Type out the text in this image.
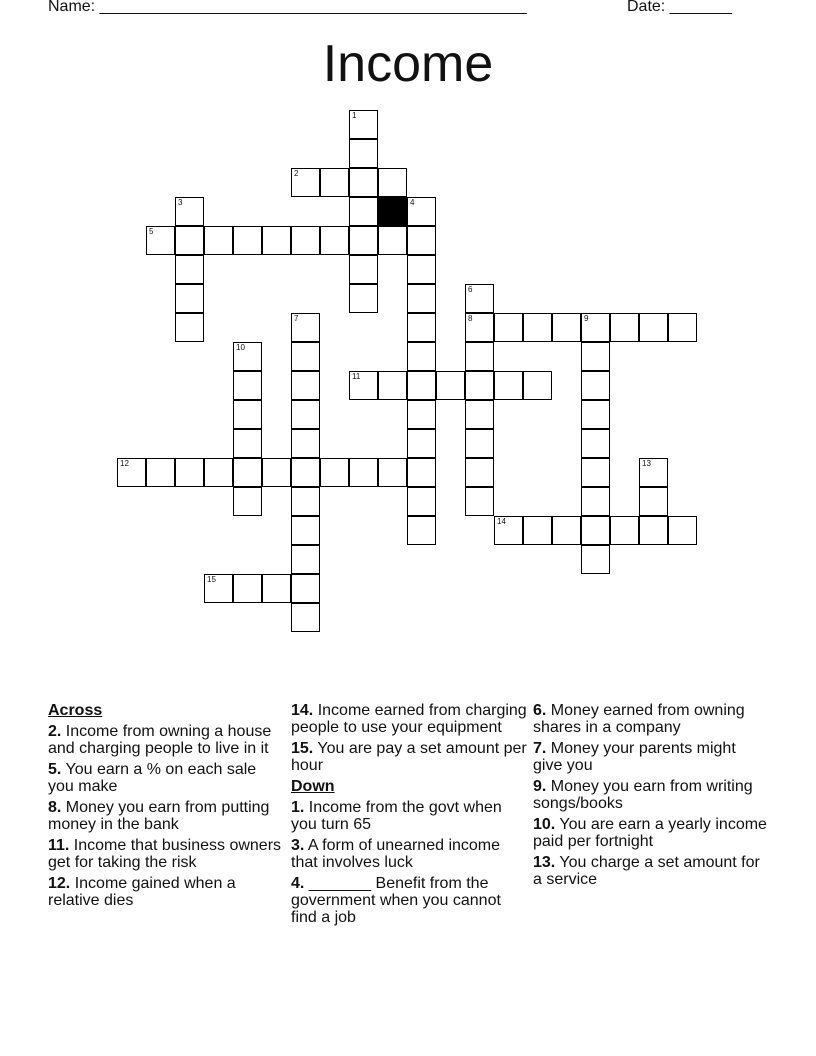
Name: ________________________________________________	Date: _______
Income
1
2
3	4
5
6
8	9
7
10
11
12	13
14
15
Across
2. Income from owning a house and charging people to live in it
5. You earn a % on each sale you make
8. Money you earn from putting money in the bank
11. Income that business owners get for taking the risk
12. Income gained when a relative dies
14. Income earned from charging people to use your equipment
15. You are pay a set amount per hour
Down
1. Income from the govt when you turn 65
3. A form of unearned income that involves luck
4. _______ Benefit from the government when you cannot find a job
6. Money earned from owning shares in a company
7. Money your parents might give you
9. Money you earn from writing songs/books
10. You are earn a yearly income paid per fortnight
13. You charge a set amount for a service
